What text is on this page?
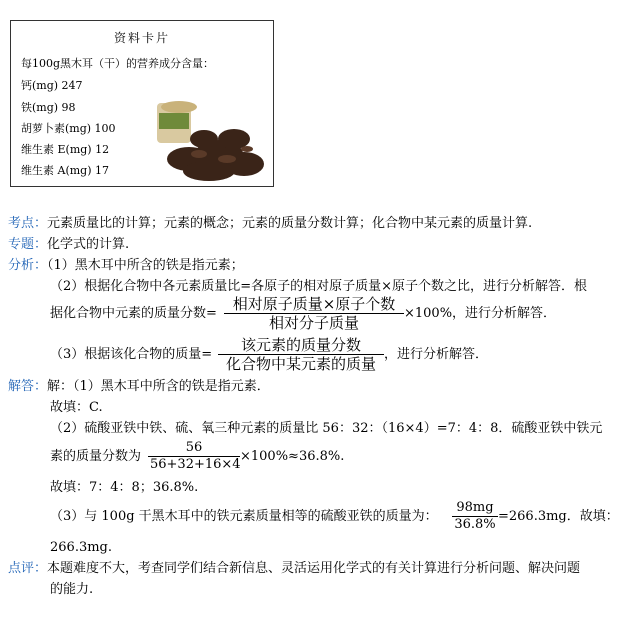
资料卡片
每100g黑木耳（干）的营养成分含量：
钙(mg) 247
铁(mg) 98
胡萝卜素(mg) 100
维生素 E(mg) 12
维生素 A(mg) 17
考点：元素质量比的计算；元素的概念；元素的质量分数计算；化合物中某元素的质量计算.
专题：化学式的计算.
分析：（1）黑木耳中所含的铁是指元素；
（2）根据化合物中各元素质量比=各原子的相对原子质量×原子个数之比，进行分析解答．根
据化合物中元素的质量分数=
相对原子质量×原子个数
相对分子质量
×100%，进行分析解答．
（3）根据该化合物的质量=
该元素的质量分数
化合物中某元素的质量
，进行分析解答．
解答：解：（1）黑木耳中所含的铁是指元素．
故填：C.
（2）硫酸亚铁中铁、硫、氧三种元素的质量比 56：32：（16×4）=7：4：8．硫酸亚铁中铁元
素的质量分数为 $\frac{56}{56+32+16\times 4} \times 100\%\approx 36.8\%$.
故填：7：4：8；36.8%.
（3）与 100g 干黑木耳中的铁元素质量相等的硫酸亚铁的质量为： $\frac{98mg}{36.8\%} =266.3mg$．故填：
266.3mg.
点评：本题难度不大，考查同学们结合新信息、灵活运用化学式的有关计算进行分析问题、解决问题
的能力.
